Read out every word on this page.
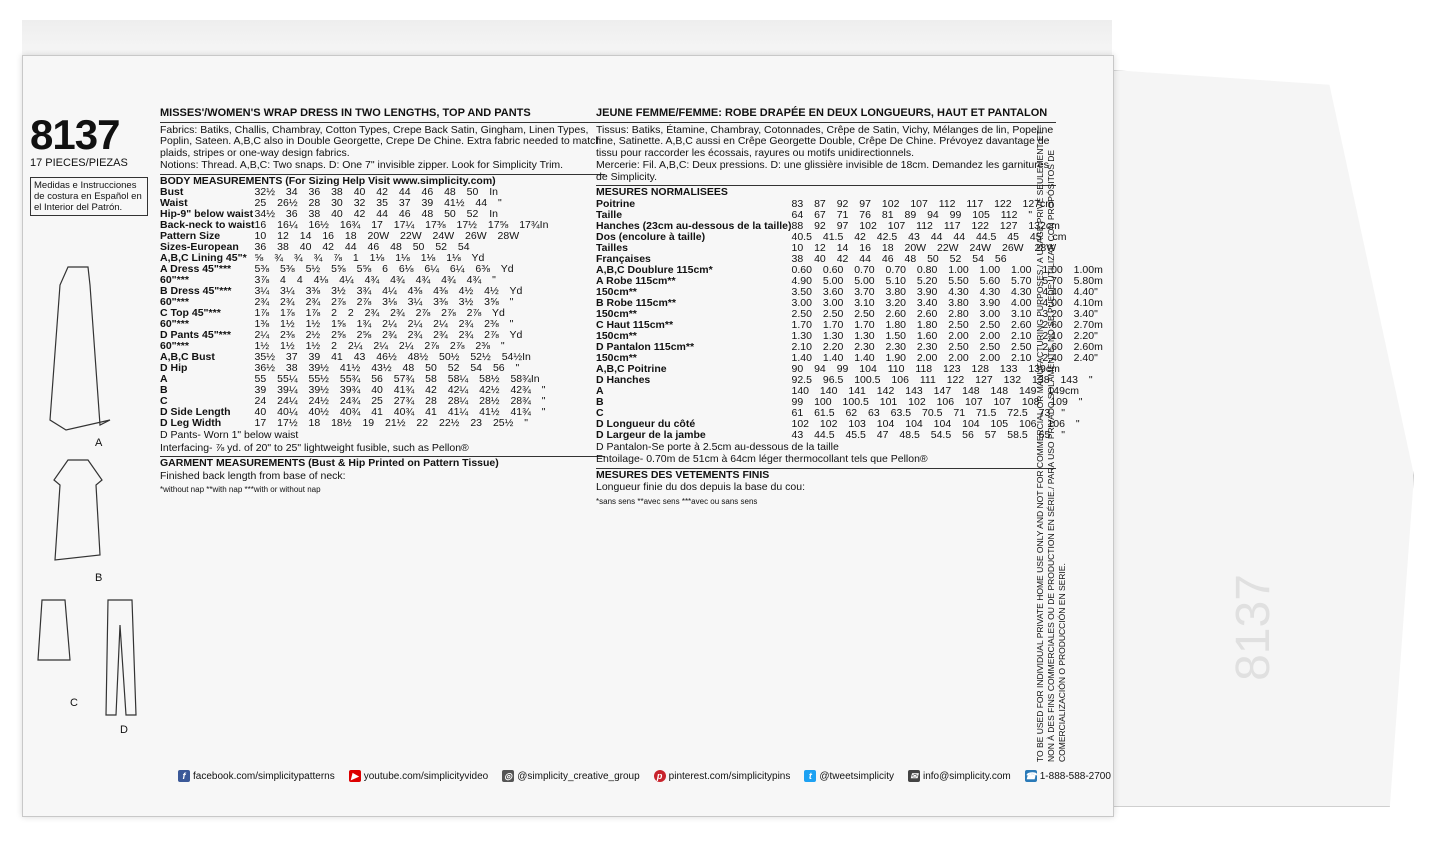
8137
17 PIECES/PIEZAS
Medidas e Instrucciones de costura en Español en el Interior del Patrón.
A
B
C
D
MISSES'/WOMEN'S WRAP DRESS IN TWO LENGTHS, TOP AND PANTS
Fabrics: Batiks, Challis, Chambray, Cotton Types, Crepe Back Satin, Gingham, Linen Types, Poplin, Sateen. A,B,C also in Double Georgette, Crepe De Chine. Extra fabric needed to match plaids, stripes or one-way design fabrics.
Notions: Thread. A,B,C: Two snaps. D: One 7" invisible zipper. Look for Simplicity Trim.
BODY MEASUREMENTS (For Sizing Help Visit www.simplicity.com)
Bust	32½ 34 36 38 40 42 44 46 48 50 In
Waist	25 26½ 28 30 32 35 37 39 41½ 44 "
Hip-9" below waist	34½ 36 38 40 42 44 46 48 50 52 In
Back-neck to waist	16 16¼ 16½ 16¾ 17 17¼ 17⅜ 17½ 17⅝ 17¾In
Pattern Size	10 12 14 16 18 20W 22W 24W 26W 28W
Sizes-European	36 38 40 42 44 46 48 50 52 54
A,B,C Lining 45"*	⅝ ¾ ¾ ¾ ⅞ 1 1⅛ 1⅛ 1⅛ 1⅛ Yd
A Dress 45"***	5⅜ 5⅜ 5½ 5⅝ 5⅝ 6 6⅛ 6¼ 6¼ 6⅜ Yd
60"***	3⅞ 4 4 4⅛ 4¼ 4¾ 4¾ 4¾ 4¾ 4¾ "
B Dress 45"***	3¼ 3¼ 3⅜ 3½ 3¾ 4¼ 4⅜ 4⅜ 4½ 4½ Yd
60"***	2¾ 2¾ 2¾ 2⅞ 2⅞ 3⅛ 3¼ 3⅜ 3½ 3⅝ "
C Top 45"***	1⅞ 1⅞ 1⅞ 2 2 2¾ 2¾ 2⅞ 2⅞ 2⅞ Yd
60"***	1⅜ 1½ 1½ 1⅝ 1¾ 2¼ 2¼ 2¼ 2¾ 2⅜ "
D Pants 45"***	2¼ 2⅜ 2½ 2⅝ 2⅝ 2¾ 2¾ 2¾ 2¾ 2⅞ Yd
60"***	1½ 1½ 1½ 2 2¼ 2¼ 2¼ 2⅞ 2⅞ 2⅜ "
A,B,C Bust	35½ 37 39 41 43 46½ 48½ 50½ 52½ 54½In
D Hip	36½ 38 39½ 41½ 43½ 48 50 52 54 56 "
A	55 55¼ 55½ 55¾ 56 57¾ 58 58¼ 58½ 58¾In
B	39 39¼ 39½ 39¾ 40 41¾ 42 42¼ 42½ 42¾ "
C	24 24¼ 24½ 24¾ 25 27¾ 28 28¼ 28½ 28¾ "
D Side Length	40 40¼ 40½ 40¾ 41 40¾ 41 41¼ 41½ 41¾ "
D Leg Width	17 17½ 18 18½ 19 21½ 22 22½ 23 25½ "
D Pants- Worn 1" below waist
Interfacing- ⅞ yd. of 20" to 25" lightweight fusible, such as Pellon®
GARMENT MEASUREMENTS (Bust & Hip Printed on Pattern Tissue)
Finished back length from base of neck:
*without nap **with nap ***with or without nap
JEUNE FEMME/FEMME: ROBE DRAPÉE EN DEUX LONGUEURS, HAUT ET PANTALON
Tissus: Batiks, Étamine, Chambray, Cotonnades, Crêpe de Satin, Vichy, Mélanges de lin, Popeline fine, Satinette. A,B,C aussi en Crêpe Georgette Double, Crêpe De Chine. Prévoyez davantage de tissu pour raccorder les écossais, rayures ou motifs unidirectionnels.
Mercerie: Fil. A,B,C: Deux pressions. D: une glissière invisible de 18cm. Demandez les garnitures de Simplicity.
MESURES NORMALISEES
Poitrine	83 87 92 97 102 107 112 117 122 127cm
Taille	64 67 71 76 81 89 94 99 105 112 "
Hanches (23cm au-dessous de la taille)	88 92 97 102 107 112 117 122 127 132cm
Dos (encolure à taille)	40.5 41.5 42 42.5 43 44 44 44.5 45 45 cm
Tailles	10 12 14 16 18 20W 22W 24W 26W 28W
Françaises	38 40 42 44 46 48 50 52 54 56
A,B,C Doublure 115cm*	0.60 0.60 0.70 0.70 0.80 1.00 1.00 1.00 1.00 1.00m
A Robe 115cm**	4.90 5.00 5.00 5.10 5.20 5.50 5.60 5.70 5.70 5.80m
150cm**	3.50 3.60 3.70 3.80 3.90 4.30 4.30 4.30 4.40 4.40"
B Robe 115cm**	3.00 3.00 3.10 3.20 3.40 3.80 3.90 4.00 4.00 4.10m
150cm**	2.50 2.50 2.50 2.60 2.60 2.80 3.00 3.10 3.20 3.40"
C Haut 115cm**	1.70 1.70 1.70 1.80 1.80 2.50 2.50 2.60 2.60 2.70m
150cm**	1.30 1.30 1.30 1.50 1.60 2.00 2.00 2.10 2.10 2.20"
D Pantalon 115cm**	2.10 2.20 2.30 2.30 2.30 2.50 2.50 2.50 2.60 2.60m
150cm**	1.40 1.40 1.40 1.90 2.00 2.00 2.00 2.10 2.40 2.40"
A,B,C Poitrine	90 94 99 104 110 118 123 128 133 139cm
D Hanches	92.5 96.5 100.5 106 111 122 127 132 138 143 "
A	140 140 141 142 143 147 148 148 149 149cm
B	99 100 100.5 101 102 106 107 107 108 109 "
C	61 61.5 62 63 63.5 70.5 71 71.5 72.5 73 "
D Longueur du côté	102 102 103 104 104 104 104 105 106 106 "
D Largeur de la jambe	43 44.5 45.5 47 48.5 54.5 56 57 58.5 65 "
D Pantalon-Se porte à 2.5cm au-dessous de la taille
Entoilage- 0.70m de 51cm à 64cm léger thermocollant tels que Pellon®
MESURES DES VETEMENTS FINIS
Longueur finie du dos depuis la base du cou:
*sans sens **avec sens ***avec ou sans sens	TO BE USED FOR INDIVIDUAL PRIVATE HOME USE ONLY AND NOT FOR COMMERCIAL OR MANUFACTURING PURPOSES./ A USAGE PRIVÉ SEULEMENT ET NON À DES FINS COMMERCIALES OU DE PRODUCTION EN SÉRIE./ PARA USO PRIVADO SOLAMENTE. NO SE PUEDE UTILIZAR CON PROPÓSITOS DE COMERCIALIZACIÓN O PRODUCCIÓN EN SERIE.	8137
f facebook.com/simplicitypatterns ▶ youtube.com/simplicityvideo ◎ @simplicity_creative_group	p pinterest.com/simplicitypins	t @tweetsimplicity ✉ info@simplicity.com ☎ 1-888-588-2700
